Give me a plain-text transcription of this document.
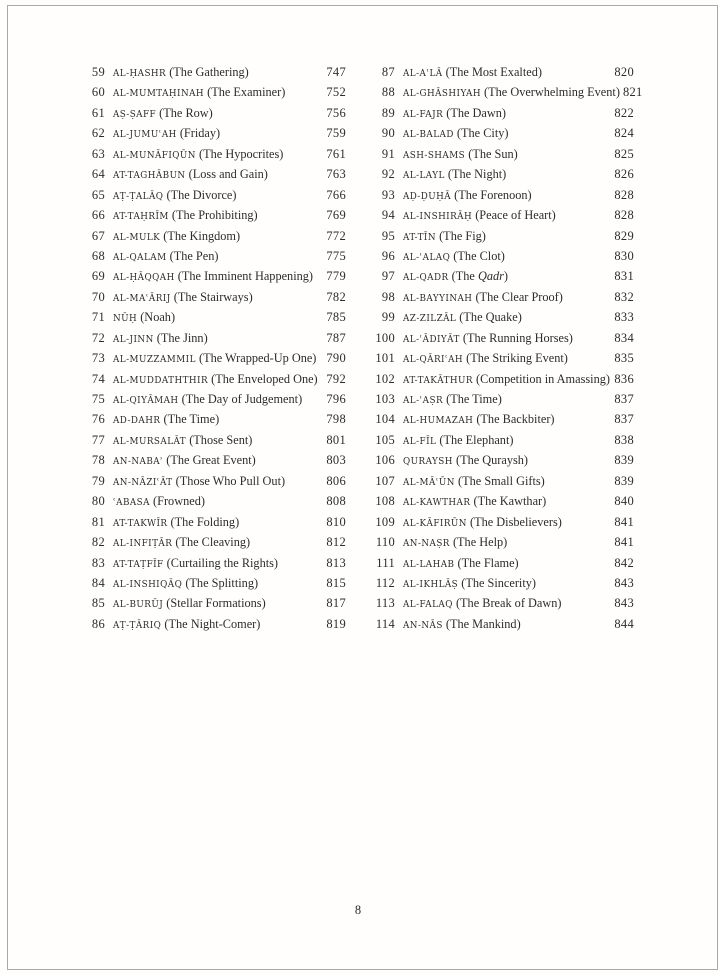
59 AL-ḤASHR (The Gathering)	747
60 AL-MUMTAḤINAH (The Examiner)	752
61 AṢ-ṢAFF (The Row)	756
62 AL-JUMUʿAH (Friday)	759
63 AL-MUNĀFIQŪN (The Hypocrites)	761
64 AT-TAGHĀBUN (Loss and Gain)	763
65 AṬ-ṬALĀQ (The Divorce)	766
66 AT-TAḤRĪM (The Prohibiting)	769
67 AL-MULK (The Kingdom)	772
68 AL-QALAM (The Pen)	775
69 AL-ḤĀQQAH (The Imminent Happening) 779
70 AL-MAʿĀRIJ (The Stairways)	782
71 NŪḤ (Noah)	785
72 AL-JINN (The Jinn)	787
73 AL-MUZZAMMIL (The Wrapped-Up One) 790
74 AL-MUDDATHTHIR (The Enveloped One) 792
75 AL-QIYĀMAH (The Day of Judgement) 796
76 AD-DAHR (The Time)	798
77 AL-MURSALĀT (Those Sent)	801
78 AN-NABAʾ (The Great Event)	803
79 AN-NĀZIʿĀT (Those Who Pull Out)	806
80 ʿABASA (Frowned)	808
81 AT-TAKWĪR (The Folding)	810
82 AL-INFIṬĀR (The Cleaving)	812
83 AT-TAṬFĪF (Curtailing the Rights)	813
84 AL-INSHIQĀQ (The Splitting)	815
85 AL-BURŪJ (Stellar Formations)	817
86 AṬ-ṬĀRIQ (The Night-Comer)	819
87 AL-AʿLĀ (The Most Exalted)	820
88 AL-GHĀSHIYAH (The Overwhelming Event) 821
89 AL-FAJR (The Dawn)	822
90 AL-BALAD (The City)	824
91 ASH-SHAMS (The Sun)	825
92 AL-LAYL (The Night)	826
93 AḌ-ḌUḤĀ (The Forenoon)	828
94 AL-INSHIRĀḤ (Peace of Heart)	828
95 AT-TĪN (The Fig)	829
96 AL-ʿALAQ (The Clot)	830
97 AL-QADR (The Qadr)	831
98 AL-BAYYINAH (The Clear Proof)	832
99 AZ-ZILZĀL (The Quake)	833
100 AL-ʿĀDIYĀT (The Running Horses)	834
101 AL-QĀRIʿAH (The Striking Event)	835
102 AT-TAKĀTHUR (Competition in Amassing) 836
103 AL-ʿAṢR (The Time)	837
104 AL-HUMAZAH (The Backbiter)	837
105 AL-FĪL (The Elephant)	838
106 QURAYSH (The Quraysh)	839
107 AL-MĀʿŪN (The Small Gifts)	839
108 AL-KAWTHAR (The Kawthar)	840
109 AL-KĀFIRŪN (The Disbelievers)	841
110 AN-NAṢR (The Help)	841
111 AL-LAHAB (The Flame)	842
112 AL-IKHLĀṢ (The Sincerity)	843
113 AL-FALAQ (The Break of Dawn)	843
114 AN-NĀS (The Mankind)	844
8
